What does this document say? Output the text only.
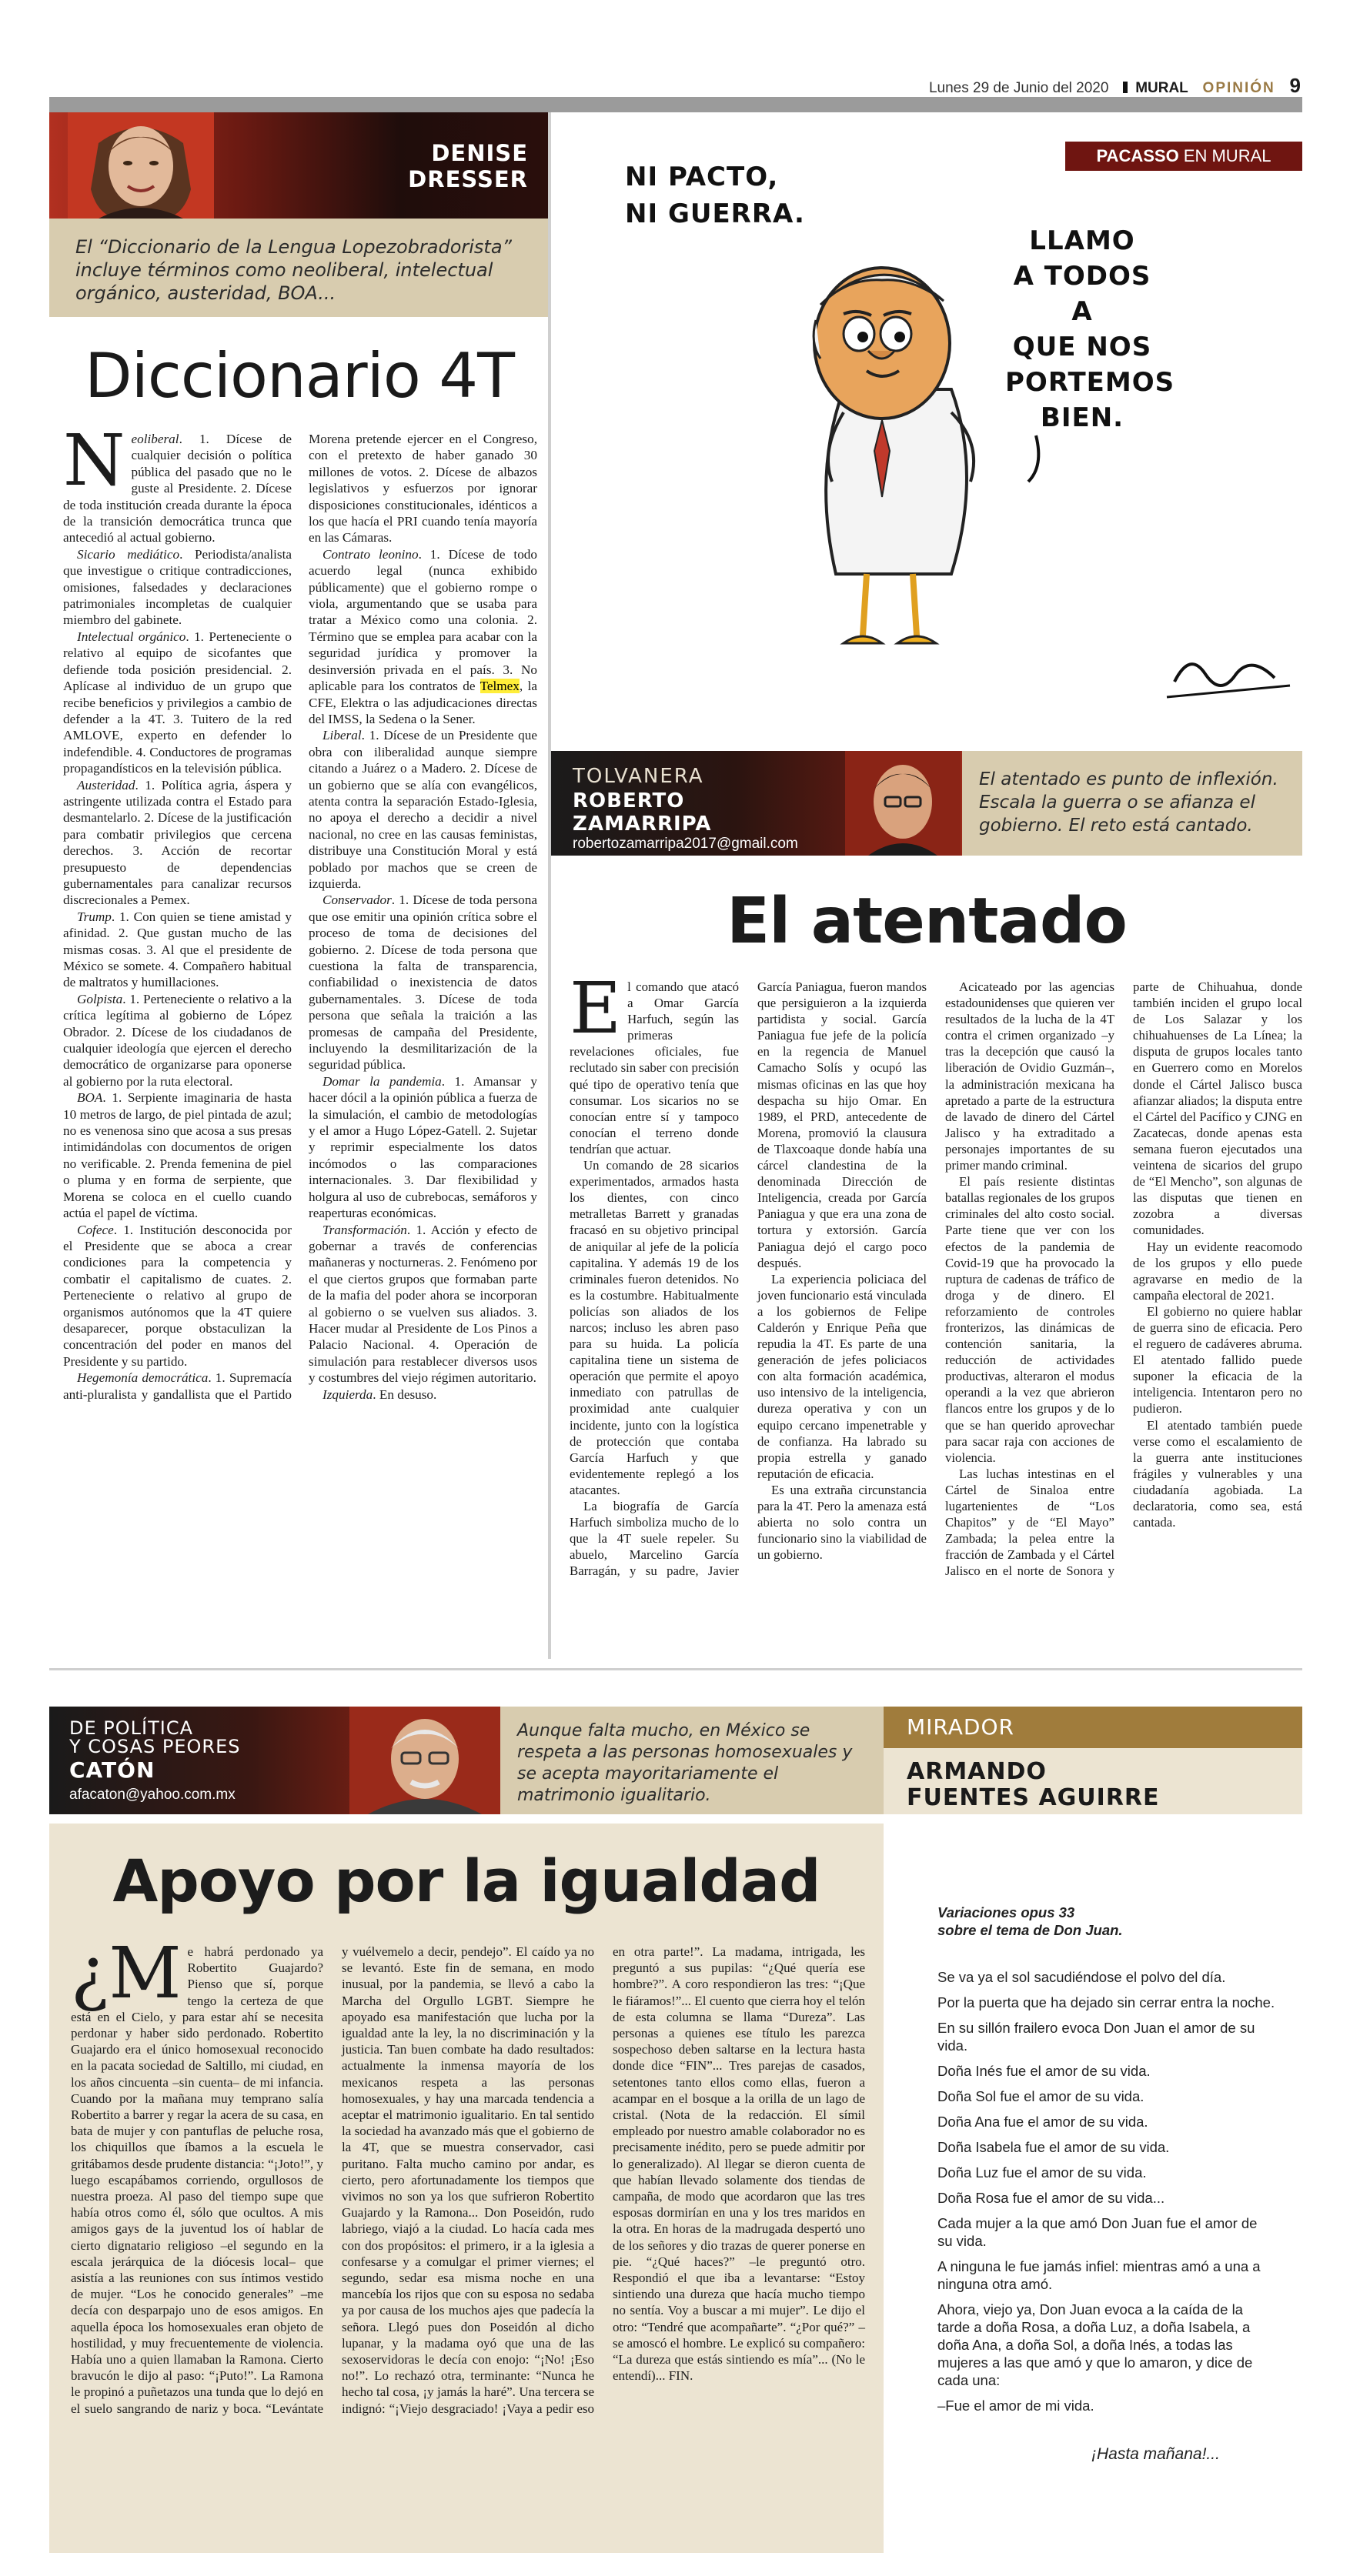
Lunes 29 de Junio del 2020 MURAL OPINIÓN 9
DENISE DRESSER
El “Diccionario de la Lengua Lopezobradorista” incluye términos como neoliberal, intelectual orgánico, austeridad, BOA...
Diccionario 4T

Neoliberal. 1. Dícese de cualquier decisión o política pública del pasado que no le guste al Presidente. 2. Dícese de toda institución creada durante la época de la transición democrática trunca que antecedió al actual gobierno.

Sicario mediático. Periodista/analista que investigue o critique contradicciones, omisiones, falsedades y declaraciones patrimoniales incompletas de cualquier miembro del gabinete.

Intelectual orgánico. 1. Perteneciente o relativo al equipo de sicofantes que defiende toda posición presidencial. 2. Aplícase al individuo de un grupo que recibe beneficios y privilegios a cambio de defender a la 4T. 3. Tuitero de la red AMLOVE, experto en defender lo indefendible. 4. Conductores de programas propagandísticos en la televisión pública.

Austeridad. 1. Política agria, áspera y astringente utilizada contra el Estado para desmantelarlo. 2. Dícese de la justificación para combatir privilegios que cercena derechos. 3. Acción de recortar presupuesto de dependencias gubernamentales para canalizar recursos discrecionales a Pemex.

Trump. 1. Con quien se tiene amistad y afinidad. 2. Que gustan mucho de las mismas cosas. 3. Al que el presidente de México se somete. 4. Compañero habitual de maltratos y humillaciones.

Golpista. 1. Perteneciente o relativo a la crítica legítima al gobierno de López Obrador. 2. Dícese de los ciudadanos de cualquier ideología que ejercen el derecho democrático de organizarse para oponerse al gobierno por la ruta electoral.

BOA. 1. Serpiente imaginaria de hasta 10 metros de largo, de piel pintada de azul; no es venenosa sino que acosa a sus presas intimidándolas con documentos de origen no verificable. 2. Prenda femenina de piel o pluma y en forma de serpiente, que Morena se coloca en el cuello cuando actúa el papel de víctima.

Cofece. 1. Institución desconocida por el Presidente que se aboca a crear condiciones para la competencia y combatir el capitalismo de cuates. 2. Perteneciente o relativo al grupo de organismos autónomos que la 4T quiere desaparecer, porque obstaculizan la concentración del poder en manos del Presidente y su partido.

Hegemonía democrática. 1. Supremacía anti-pluralista y gandallista que el Partido Morena pretende ejercer en el Congreso, con el pretexto de haber ganado 30 millones de votos. 2. Dícese de albazos legislativos y esfuerzos por ignorar disposiciones constitucionales, idénticos a los que hacía el PRI cuando tenía mayoría en las Cámaras.

Contrato leonino. 1. Dícese de todo acuerdo legal (nunca exhibido públicamente) que el gobierno rompe o viola, argumentando que se usaba para tratar a México como una colonia. 2. Término que se emplea para acabar con la seguridad jurídica y promover la desinversión privada en el país. 3. No aplicable para los contratos de Telmex, la CFE, Elektra o las adjudicaciones directas del IMSS, la Sedena o la Sener.

Liberal. 1. Dícese de un Presidente que obra con iliberalidad aunque siempre citando a Juárez o a Madero. 2. Dícese de un gobierno que se alía con evangélicos, atenta contra la separación Estado-Iglesia, no apoya el derecho a decidir a nivel nacional, no cree en las causas feministas, distribuye una Constitución Moral y está poblado por machos que se creen de izquierda.

Conservador. 1. Dícese de toda persona que ose emitir una opinión crítica sobre el proceso de toma de decisiones del gobierno. 2. Dícese de toda persona que cuestiona la falta de transparencia, confiabilidad o inexistencia de datos gubernamentales. 3. Dícese de toda persona que señala la traición a las promesas de campaña del Presidente, incluyendo la desmilitarización de la seguridad pública.

Domar la pandemia. 1. Amansar y hacer dócil a la opinión pública a fuerza de la simulación, el cambio de metodologías y el amor a Hugo López-Gatell. 2. Sujetar y reprimir especialmente los datos incómodos o las comparaciones internacionales. 3. Dar flexibilidad y holgura al uso de cubrebocas, semáforos y reaperturas económicas.

Transformación. 1. Acción y efecto de gobernar a través de conferencias mañaneras y nocturneras. 2. Fenómeno por el que ciertos grupos que formaban parte de la mafia del poder ahora se incorporan al gobierno o se vuelven sus aliados. 3. Hacer mudar al Presidente de Los Pinos a Palacio Nacional. 4. Operación de simulación para restablecer diversos usos y costumbres del viejo régimen autoritario.

Izquierda. En desuso.

PACASSO EN MURAL
NI PACTO,
NI GUERRA.
LLAMO
A TODOS A
QUE NOS
PORTEMOS
BIEN.
TOLVANERA
ROBERTO
ZAMARRIPA
robertozamarripa2017@gmail.com
El atentado es punto de inflexión. Escala la guerra o se afianza el gobierno. El reto está cantado.
El atentado

El comando que atacó a Omar García Harfuch, según las primeras revelaciones oficiales, fue reclutado sin saber con precisión qué tipo de operativo tenía que consumar. Los sicarios no se conocían entre sí y tampoco conocían el terreno donde tendrían que actuar.

Un comando de 28 sicarios experimentados, armados hasta los dientes, con cinco metralletas Barrett y granadas fracasó en su objetivo principal de aniquilar al jefe de la policía capitalina. Y además 19 de los criminales fueron detenidos. No es la costumbre. Habitualmente policías son aliados de los narcos; incluso les abren paso para su huida. La policía capitalina tiene un sistema de operación que permite el apoyo inmediato con patrullas de proximidad ante cualquier incidente, junto con la logística de protección que contaba García Harfuch y que evidentemente replegó a los atacantes.

La biografía de García Harfuch simboliza mucho de lo que la 4T suele repeler. Su abuelo, Marcelino García Barragán, y su padre, Javier García Paniagua, fueron mandos que persiguieron a la izquierda partidista y social. García Paniagua fue jefe de la policía en la regencia de Manuel Camacho Solís y ocupó las mismas oficinas en las que hoy despacha su hijo Omar. En 1989, el PRD, antecedente de Morena, promovió la clausura de Tlaxcoaque donde había una cárcel clandestina de la denominada Dirección de Inteligencia, creada por García Paniagua y que era una zona de tortura y extorsión. García Paniagua dejó el cargo poco después.

La experiencia policiaca del joven funcionario está vinculada a los gobiernos de Felipe Calderón y Enrique Peña que repudia la 4T. Es parte de una generación de jefes policiacos con alta formación académica, uso intensivo de la inteligencia, dureza operativa y con un equipo cercano impenetrable y de confianza. Ha labrado su propia estrella y ganado reputación de eficacia.

Es una extraña circunstancia para la 4T. Pero la amenaza está abierta no solo contra un funcionario sino la viabilidad de un gobierno.

Acicateado por las agencias estadounidenses que quieren ver resultados de la lucha de la 4T contra el crimen organizado –y tras la decepción que causó la liberación de Ovidio Guzmán–, la administración mexicana ha apretado a parte de la estructura de lavado de dinero del Cártel Jalisco y ha extraditado a personajes importantes de su primer mando criminal.

El país resiente distintas batallas regionales de los grupos criminales del alto costo social. Parte tiene que ver con los efectos de la pandemia de Covid-19 que ha provocado la ruptura de cadenas de tráfico de droga y de dinero. El reforzamiento de controles fronterizos, las dinámicas de contención sanitaria, la reducción de actividades productivas, alteraron el modus operandi a la vez que abrieron flancos entre los grupos y de lo que se han querido aprovechar para sacar raja con acciones de violencia.

Las luchas intestinas en el Cártel de Sinaloa entre lugartenientes de “Los Chapitos” y de “El Mayo” Zambada; la pelea entre la fracción de Zambada y el Cártel Jalisco en el norte de Sonora y parte de Chihuahua, donde también inciden el grupo local de Los Salazar y los chihuahuenses de La Línea; la disputa de grupos locales tanto en Guerrero como en Morelos donde el Cártel Jalisco busca afianzar aliados; la disputa entre el Cártel del Pacífico y CJNG en Zacatecas, donde apenas esta semana fueron ejecutados una veintena de sicarios del grupo de “El Mencho”, son algunas de las disputas que tienen en zozobra a diversas comunidades.

Hay un evidente reacomodo de los grupos y ello puede agravarse en medio de la campaña electoral de 2021.

El gobierno no quiere hablar de guerra sino de eficacia. Pero el reguero de cadáveres abruma. El atentado fallido puede suponer la eficacia de la inteligencia. Intentaron pero no pudieron.

El atentado también puede verse como el escalamiento de la guerra ante instituciones frágiles y vulnerables y una ciudadanía agobiada. La declaratoria, como sea, está cantada.

DE POLÍTICA
Y COSAS PEORES
CATÓN
afacaton@yahoo.com.mx
Aunque falta mucho, en México se respeta a las personas homosexuales y se acepta mayoritariamente el matrimonio igualitario.
Apoyo por la igualdad

¿M e habrá perdonado ya Robertito Guajardo? Pienso que sí, porque tengo la certeza de que está en el Cielo, y para estar ahí se necesita perdonar y haber sido perdonado. Robertito Guajardo era el único homosexual reconocido en la pacata sociedad de Saltillo, mi ciudad, en los años cincuenta –sin cuenta– de mi infancia. Cuando por la mañana muy temprano salía Robertito a barrer y regar la acera de su casa, en bata de mujer y con pantuflas de peluche rosa, los chiquillos que íbamos a la escuela le gritábamos desde prudente distancia: “¡Joto!”, y luego escapábamos corriendo, orgullosos de nuestra proeza. Al paso del tiempo supe que había otros como él, sólo que ocultos. A mis amigos gays de la juventud los oí hablar de cierto dignatario religioso –el segundo en la escala jerárquica de la diócesis local– que asistía a las reuniones con sus íntimos vestido de mujer. “Los he conocido generales” –me decía con desparpajo uno de esos amigos. En aquella época los homosexuales eran objeto de hostilidad, y muy frecuentemente de violencia. Había uno a quien llamaban la Ramona. Cierto bravucón le dijo al paso: “¡Puto!”. La Ramona le propinó a puñetazos una tunda que lo dejó en el suelo sangrando de nariz y boca. “Levántate y vuélvemelo a decir, pendejo”. El caído ya no se levantó. Este fin de semana, en modo inusual, por la pandemia, se llevó a cabo la Marcha del Orgullo LGBT. Siempre he apoyado esa manifestación que lucha por la igualdad ante la ley, la no discriminación y la justicia. Tan buen combate ha dado resultados: actualmente la inmensa mayoría de los mexicanos respeta a las personas homosexuales, y hay una marcada tendencia a aceptar el matrimonio igualitario. En tal sentido la sociedad ha avanzado más que el gobierno de la 4T, que se muestra conservador, casi puritano. Falta mucho camino por andar, es cierto, pero afortunadamente los tiempos que vivimos no son ya los que sufrieron Robertito Guajardo y la Ramona... Don Poseidón, rudo labriego, viajó a la ciudad. Lo hacía cada mes con dos propósitos: el primero, ir a la iglesia a confesarse y a comulgar el primer viernes; el segundo, sedar esa misma noche en una mancebía los rijos que con su esposa no sedaba ya por causa de los muchos ajes que padecía la señora. Llegó pues don Poseidón al dicho lupanar, y la madama oyó que una de las sexoservidoras le decía con enojo: “¡No! ¡Eso no!”. Lo rechazó otra, terminante: “Nunca he hecho tal cosa, ¡y jamás la haré”. Una tercera se indignó: “¡Viejo desgraciado! ¡Vaya a pedir eso en otra parte!”. La madama, intrigada, les preguntó a sus pupilas: “¿Qué quería ese hombre?”. A coro respondieron las tres: “¡Que le fiáramos!”... El cuento que cierra hoy el telón de esta columna se llama “Dureza”. Las personas a quienes ese título les parezca sospechoso deben saltarse en la lectura hasta donde dice “FIN”... Tres parejas de casados, setentones tanto ellos como ellas, fueron a acampar en el bosque a la orilla de un lago de cristal. (Nota de la redacción. El símil empleado por nuestro amable colaborador no es precisamente inédito, pero se puede admitir por lo generalizado). Al llegar se dieron cuenta de que habían llevado solamente dos tiendas de campaña, de modo que acordaron que las tres esposas dormirían en una y los tres maridos en la otra. En horas de la madrugada despertó uno de los señores y dio trazas de querer ponerse en pie. “¿Qué haces?” –le preguntó otro. Respondió el que iba a levantarse: “Estoy sintiendo una dureza que hacía mucho tiempo no sentía. Voy a buscar a mi mujer”. Le dijo el otro: “Tendré que acompañarte”. “¿Por qué?” –se amoscó el hombre. Le explicó su compañero: “La dureza que estás sintiendo es mía”... (No le entendí)... FIN.

MIRADOR
ARMANDO
FUENTES AGUIRRE
Variaciones opus 33
sobre el tema de Don Juan.
Se va ya el sol sacudiéndose el polvo del día.
Por la puerta que ha dejado sin cerrar entra la noche.
En su sillón frailero evoca Don Juan el amor de su vida.
Doña Inés fue el amor de su vida.
Doña Sol fue el amor de su vida.
Doña Ana fue el amor de su vida.
Doña Isabela fue el amor de su vida.
Doña Luz fue el amor de su vida.
Doña Rosa fue el amor de su vida...
Cada mujer a la que amó Don Juan fue el amor de su vida.
A ninguna le fue jamás infiel: mientras amó a una a ninguna otra amó.
Ahora, viejo ya, Don Juan evoca a la caída de la tarde a doña Rosa, a doña Luz, a doña Isabela, a doña Ana, a doña Sol, a doña Inés, a todas las mujeres a las que amó y que lo amaron, y dice de cada una:
–Fue el amor de mi vida.
¡Hasta mañana!...
